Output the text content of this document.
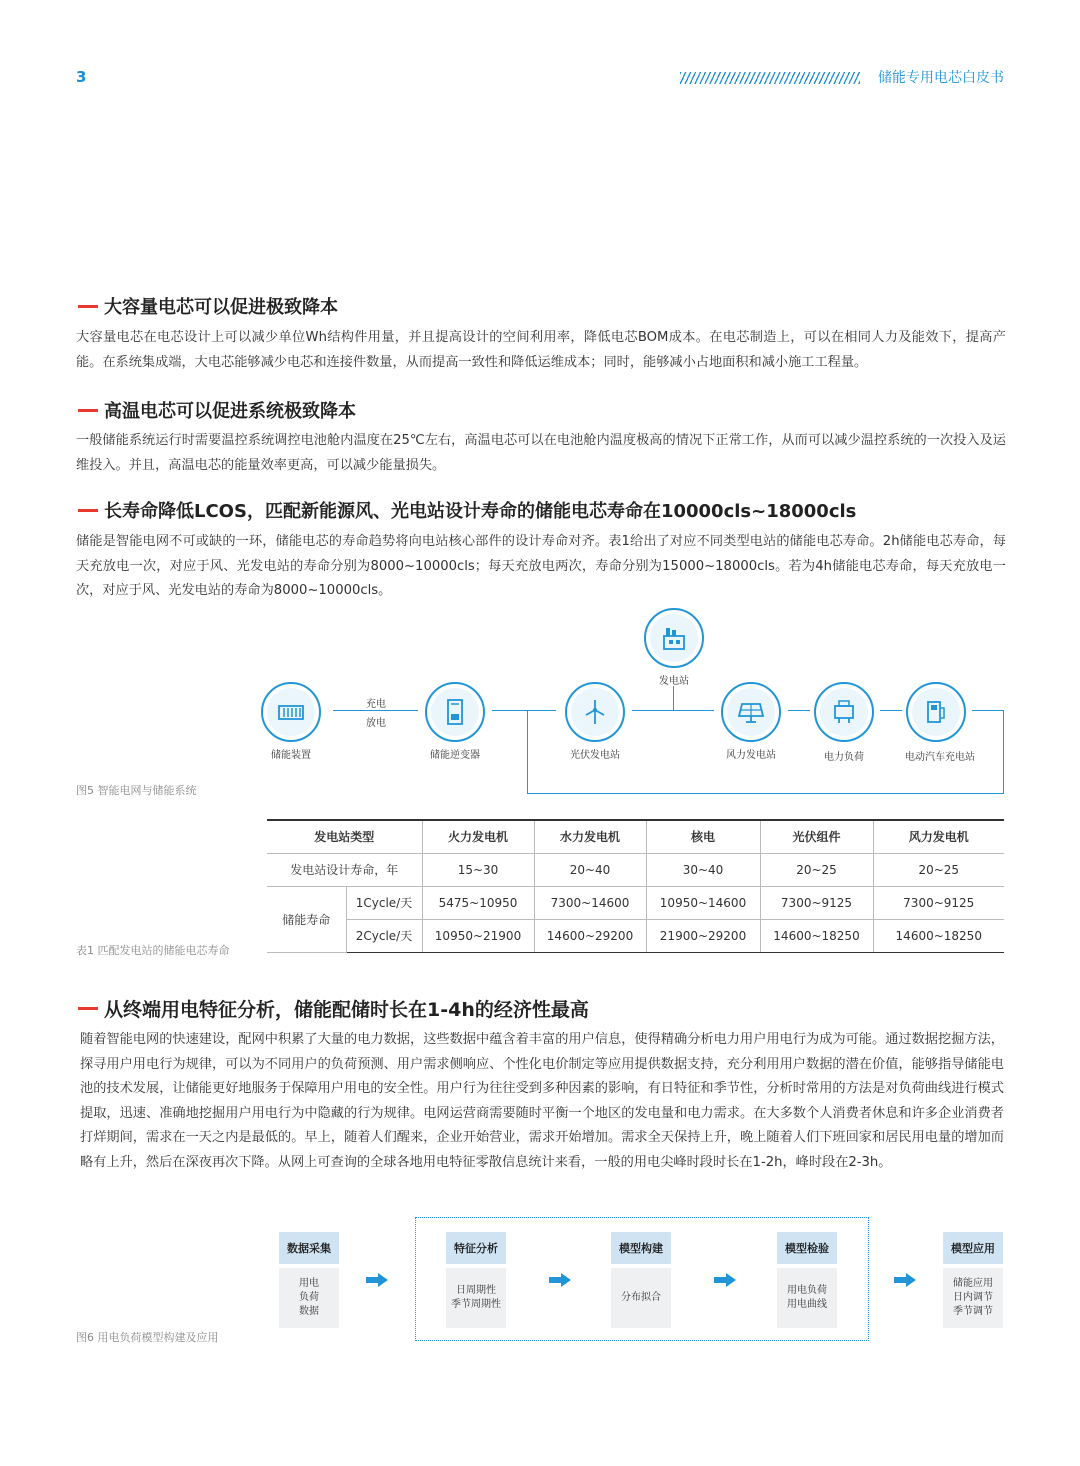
3	储能专用电芯白皮书
大容量电芯可以促进极致降本
大容量电芯在电芯设计上可以减少单位Wh结构件用量，并且提高设计的空间利用率，降低电芯BOM成本。在电芯制造上，可以在相同人力及能效下，提高产能。在系统集成端，大电芯能够减少电芯和连接件数量，从而提高一致性和降低运维成本；同时，能够减小占地面积和减小施工工程量。
高温电芯可以促进系统极致降本
一般储能系统运行时需要温控系统调控电池舱内温度在25℃左右，高温电芯可以在电池舱内温度极高的情况下正常工作，从而可以减少温控系统的一次投入及运维投入。并且，高温电芯的能量效率更高，可以减少能量损失。
长寿命降低LCOS，匹配新能源风、光电站设计寿命的储能电芯寿命在10000cls~18000cls
储能是智能电网不可或缺的一环，储能电芯的寿命趋势将向电站核心部件的设计寿命对齐。表1给出了对应不同类型电站的储能电芯寿命。2h储能电芯寿命，每天充放电一次，对应于风、光发电站的寿命分别为8000~10000cls；每天充放电两次，寿命分别为15000~18000cls。若为4h储能电芯寿命，每天充放电一次，对应于风、光发电站的寿命为8000~10000cls。
充电
放电
储能装置	储能逆变器
发电站
光伏发电站	风力发电站	电力负荷	电动汽车充电站
图5 智能电网与储能系统
发电站类型		火力发电机	水力发电机	核电	光伏组件	风力发电机
发电站设计寿命，年		15~30	20~40	30~40	20~25	20~25
储能寿命	1Cycle/天	5475~10950	7300~14600	10950~14600	7300~9125	7300~9125
	2Cycle/天	10950~21900	14600~29200	21900~29200	14600~18250	14600~18250
表1 匹配发电站的储能电芯寿命
从终端用电特征分析，储能配储时长在1-4h的经济性最高
随着智能电网的快速建设，配网中积累了大量的电力数据，这些数据中蕴含着丰富的用户信息，使得精确分析电力用户用电行为成为可能。通过数据挖掘方法，探寻用户用电行为规律，可以为不同用户的负荷预测、用户需求侧响应、个性化电价制定等应用提供数据支持，充分利用用户数据的潜在价值，能够指导储能电池的技术发展，让储能更好地服务于保障用户用电的安全性。用户行为往往受到多种因素的影响，有日特征和季节性，分析时常用的方法是对负荷曲线进行模式提取，迅速、准确地挖掘用户用电行为中隐藏的行为规律。电网运营商需要随时平衡一个地区的发电量和电力需求。在大多数个人消费者休息和许多企业消费者打烊期间，需求在一天之内是最低的。早上，随着人们醒来，企业开始营业，需求开始增加。需求全天保持上升，晚上随着人们下班回家和居民用电量的增加而略有上升，然后在深夜再次下降。从网上可查询的全球各地用电特征零散信息统计来看，一般的用电尖峰时段时长在1-2h，峰时段在2-3h。
数据采集
用电
负荷
数据
特征分析
日周期性
季节周期性
模型构建
分布拟合
模型检验
用电负荷
用电曲线
模型应用
储能应用
日内调节
季节调节
图6 用电负荷模型构建及应用
